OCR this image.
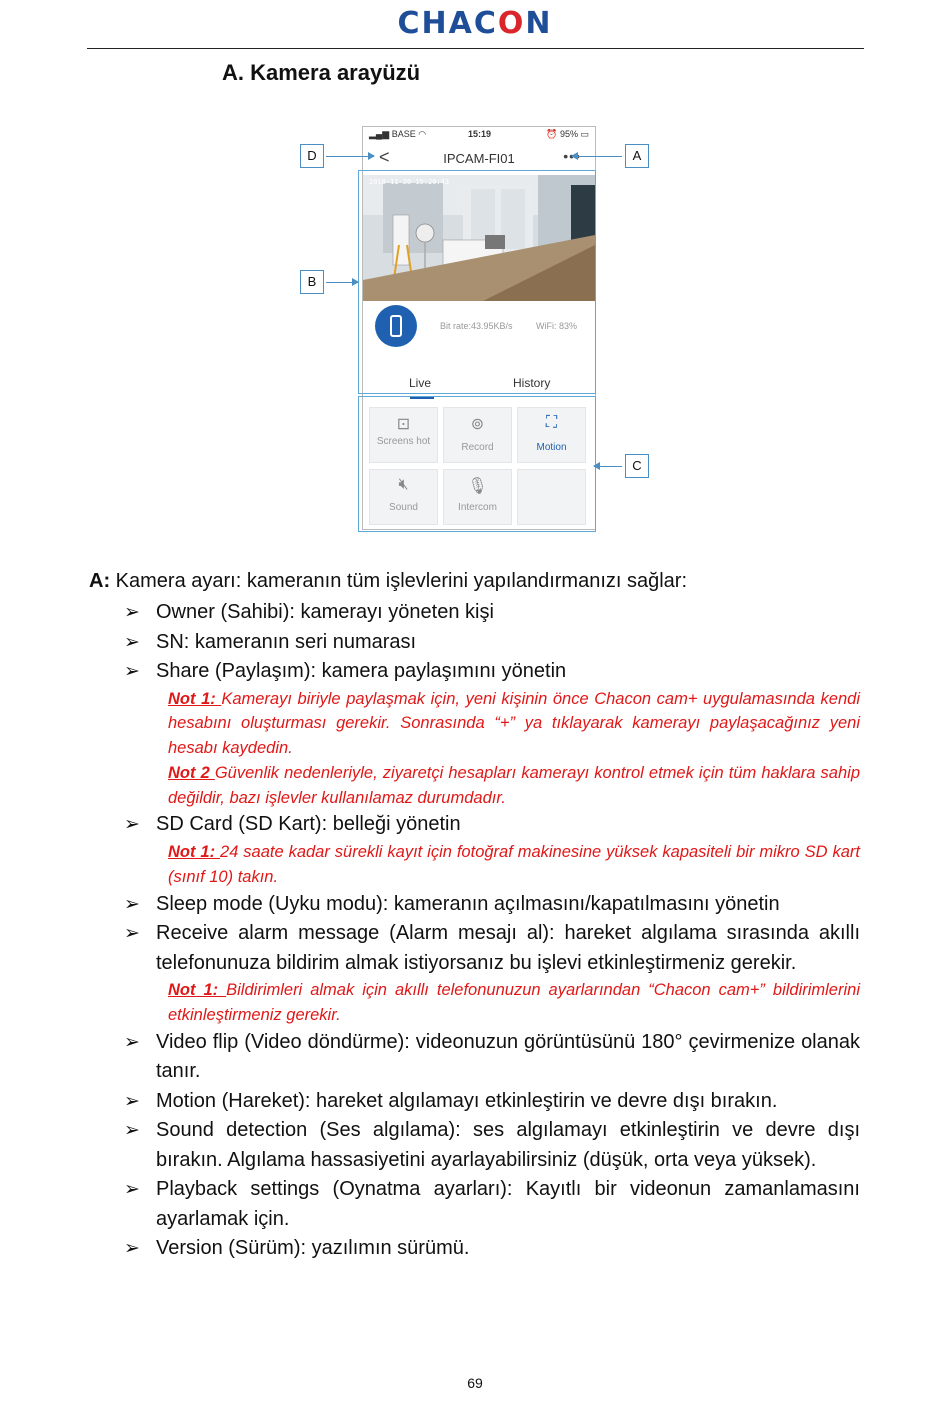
CHACON
A. Kamera arayüzü
▂▄▆ BASE ◠	15:19	⏰ 95% ▭
<	IPCAM-FI01	•••
2018-11-20 15:20:43
Bit rate:43.95KB/s	WiFi: 83%
Live	History
⊡
Screens hot
⊚
Record
⛶
Motion
🔇︎
Sound
🎙︎
Intercom
D	A
B
C
A: Kamera ayarı: kameranın tüm işlevlerini yapılandırmanızı sağlar:
➢ Owner (Sahibi): kamerayı yöneten kişi
➢ SN: kameranın seri numarası
➢ Share (Paylaşım): kamera paylaşımını yönetin
Not 1: Kamerayı biriyle paylaşmak için, yeni kişinin önce Chacon cam+ uygulamasında kendi hesabını oluşturması gerekir. Sonrasında “+” ya tıklayarak kamerayı paylaşacağınız yeni hesabı kaydedin.
Not 2 Güvenlik nedenleriyle, ziyaretçi hesapları kamerayı kontrol etmek için tüm haklara sahip değildir, bazı işlevler kullanılamaz durumdadır.
➢ SD Card (SD Kart): belleği yönetin
Not 1: 24 saate kadar sürekli kayıt için fotoğraf makinesine yüksek kapasiteli bir mikro SD kart (sınıf 10) takın.
➢ Sleep mode (Uyku modu): kameranın açılmasını/kapatılmasını yönetin
➢ Receive alarm message (Alarm mesajı al): hareket algılama sırasında akıllı telefonunuza bildirim almak istiyorsanız bu işlevi etkinleştirmeniz gerekir.
Not 1: Bildirimleri almak için akıllı telefonunuzun ayarlarından “Chacon cam+” bildirimlerini etkinleştirmeniz gerekir.
➢ Video flip (Video döndürme): videonuzun görüntüsünü 180° çevirmenize olanak tanır.
➢ Motion (Hareket): hareket algılamayı etkinleştirin ve devre dışı bırakın.
➢ Sound detection (Ses algılama): ses algılamayı etkinleştirin ve devre dışı bırakın. Algılama hassasiyetini ayarlayabilirsiniz (düşük, orta veya yüksek).
➢ Playback settings (Oynatma ayarları): Kayıtlı bir videonun zamanlamasını ayarlamak için.
➢ Version (Sürüm): yazılımın sürümü.
69
